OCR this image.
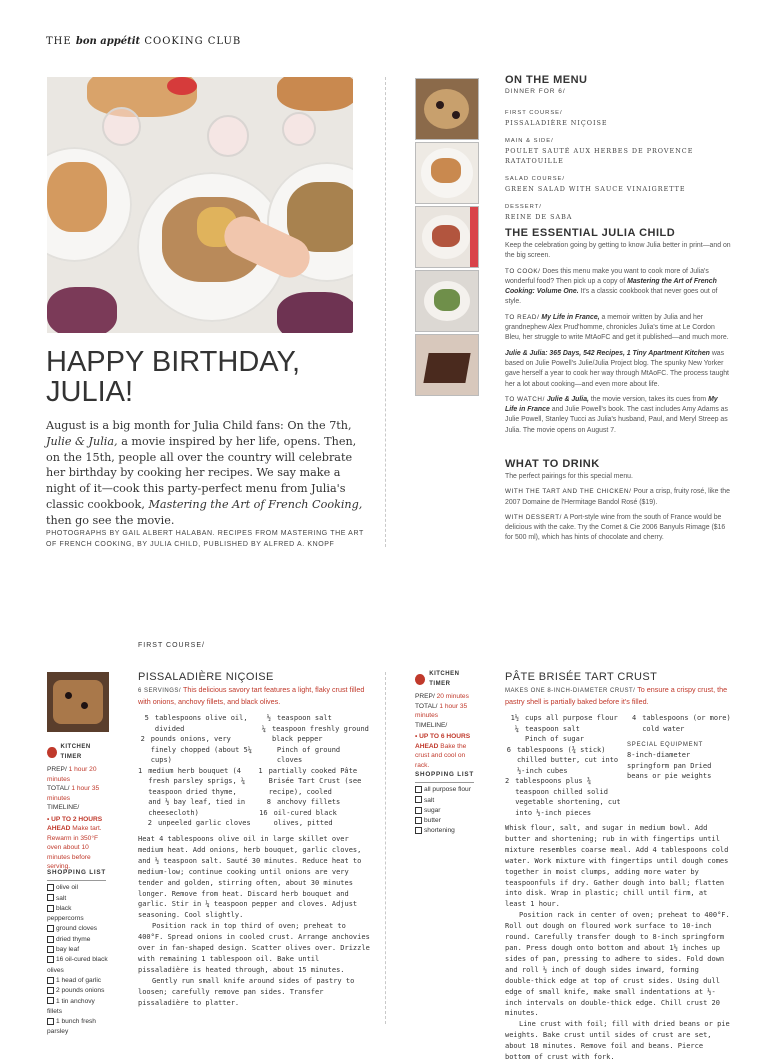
THE bon appétit COOKING CLUB
HAPPY BIRTHDAY,
JULIA!
August is a big month for Julia Child fans: On the 7th, Julie & Julia, a movie inspired by her life, opens. Then, on the 15th, people all over the country will celebrate her birthday by cooking her recipes. We say make a night of it—cook this party-perfect menu from Julia's classic cookbook, Mastering the Art of French Cooking, then go see the movie.
PHOTOGRAPHS BY GAIL ALBERT HALABAN. RECIPES FROM MASTERING THE ART OF FRENCH COOKING, BY JULIA CHILD, PUBLISHED BY ALFRED A. KNOPF
ON THE MENU
DINNER FOR 6/
FIRST COURSE/
PISSALADIÈRE NIÇOISE
MAIN & SIDE/
POULET SAUTÉ AUX HERBES DE PROVENCE
RATATOUILLE
SALAD COURSE/
GREEN SALAD WITH SAUCE VINAIGRETTE
DESSERT/
REINE DE SABA
THE ESSENTIAL JULIA CHILD
Keep the celebration going by getting to know Julia better in print—and on the big screen.
TO COOK/ Does this menu make you want to cook more of Julia's wonderful food? Then pick up a copy of Mastering the Art of French Cooking: Volume One. It's a classic cookbook that never goes out of style.
TO READ/ My Life in France, a memoir written by Julia and her grandnephew Alex Prud'homme, chronicles Julia's time at Le Cordon Bleu, her struggle to write MtAoFC and get it published—and much more.
Julie & Julia: 365 Days, 542 Recipes, 1 Tiny Apartment Kitchen was based on Julie Powell's Julie/Julia Project blog. The spunky New Yorker gave herself a year to cook her way through MtAoFC. The process taught her a lot about cooking—and even more about life.
TO WATCH/ Julie & Julia, the movie version, takes its cues from My Life in France and Julie Powell's book. The cast includes Amy Adams as Julie Powell, Stanley Tucci as Julia's husband, Paul, and Meryl Streep as Julia. The movie opens on August 7.
WHAT TO DRINK
The perfect pairings for this special menu.
WITH THE TART AND THE CHICKEN/ Pour a crisp, fruity rosé, like the 2007 Domaine de l'Hermitage Bandol Rosé ($19).
WITH DESSERT/ A Port-style wine from the south of France would be delicious with the cake. Try the Cornet & Cie 2006 Banyuls Rimage ($16 for 500 ml), which has hints of chocolate and cherry.
FIRST COURSE/
KITCHEN TIMER
PREP/ 1 hour 20 minutes
TOTAL/ 1 hour 35 minutes
TIMELINE/
• UP TO 2 HOURS AHEAD Make tart. Rewarm in 350°F oven about 10 minutes before serving.
SHOPPING LIST
olive oil
salt
black peppercorns
ground cloves
dried thyme
bay leaf
16 oil-cured black olives
1 head of garlic
2 pounds onions
1 tin anchovy fillets
1 bunch fresh parsley
PISSALADIÈRE NIÇOISE
6 SERVINGS/ This delicious savory tart features a light, flaky crust filled with onions, anchovy fillets, and black olives.
5 tablespoons olive oil, divided
2 pounds onions, very finely chopped (about 5¼ cups)
1 medium herb bouquet (4 fresh parsley sprigs, ¼ teaspoon dried thyme, and ½ bay leaf, tied in cheesecloth)
2 unpeeled garlic cloves
½ teaspoon salt
¼ teaspoon freshly ground black pepper
Pinch of ground cloves
1 partially cooked Pâte Brisée Tart Crust (see recipe), cooled
8 anchovy fillets
16 oil-cured black olives, pitted
Heat 4 tablespoons olive oil in large skillet over medium heat. Add onions, herb bouquet, garlic cloves, and ½ teaspoon salt. Sauté 30 minutes. Reduce heat to medium-low; continue cooking until onions are very tender and golden, stirring often, about 30 minutes longer. Remove from heat. Discard herb bouquet and garlic. Stir in ¼ teaspoon pepper and cloves. Adjust seasoning. Cool slightly.
Position rack in top third of oven; preheat to 400°F. Spread onions in cooled crust. Arrange anchovies over in fan-shaped design. Scatter olives over. Drizzle with remaining 1 tablespoon oil. Bake until pissaladière is heated through, about 15 minutes.
Gently run small knife around sides of pastry to loosen; carefully remove pan sides. Transfer pissaladière to platter.
KITCHEN TIMER
PREP/ 20 minutes
TOTAL/ 1 hour 35 minutes
TIMELINE/
• UP TO 6 HOURS AHEAD Bake the crust and cool on rack.
SHOPPING LIST
all purpose flour
salt
sugar
butter
shortening
PÂTE BRISÉE TART CRUST
MAKES ONE 8-INCH-DIAMETER CRUST/ To ensure a crispy crust, the pastry shell is partially baked before it's filled.
1½ cups all purpose flour
¼ teaspoon salt
Pinch of sugar
6 tablespoons (¾ stick) chilled butter, cut into ½-inch cubes
2 tablespoons plus ¾ teaspoon chilled solid vegetable shortening, cut into ½-inch pieces
4 tablespoons (or more) cold water
SPECIAL EQUIPMENT
8-inch-diameter springform pan Dried beans or pie weights
Whisk flour, salt, and sugar in medium bowl. Add butter and shortening; rub in with fingertips until mixture resembles coarse meal. Add 4 tablespoons cold water. Work mixture with fingertips until dough comes together in moist clumps, adding more water by teaspoonfuls if dry. Gather dough into ball; flatten into disk. Wrap in plastic; chill until firm, at least 1 hour.
Position rack in center of oven; preheat to 400°F. Roll out dough on floured work surface to 10-inch round. Carefully transfer dough to 8-inch springform pan. Press dough onto bottom and about 1½ inches up sides of pan, pressing to adhere to sides. Fold down and roll ½ inch of dough sides inward, forming double-thick edge at top of crust sides. Using dull edge of small knife, make small indentations at ½-inch intervals on double-thick edge. Chill crust 20 minutes.
Line crust with foil; fill with dried beans or pie weights. Bake crust until sides of crust are set, about 18 minutes. Remove foil and beans. Pierce bottom of crust with fork.
